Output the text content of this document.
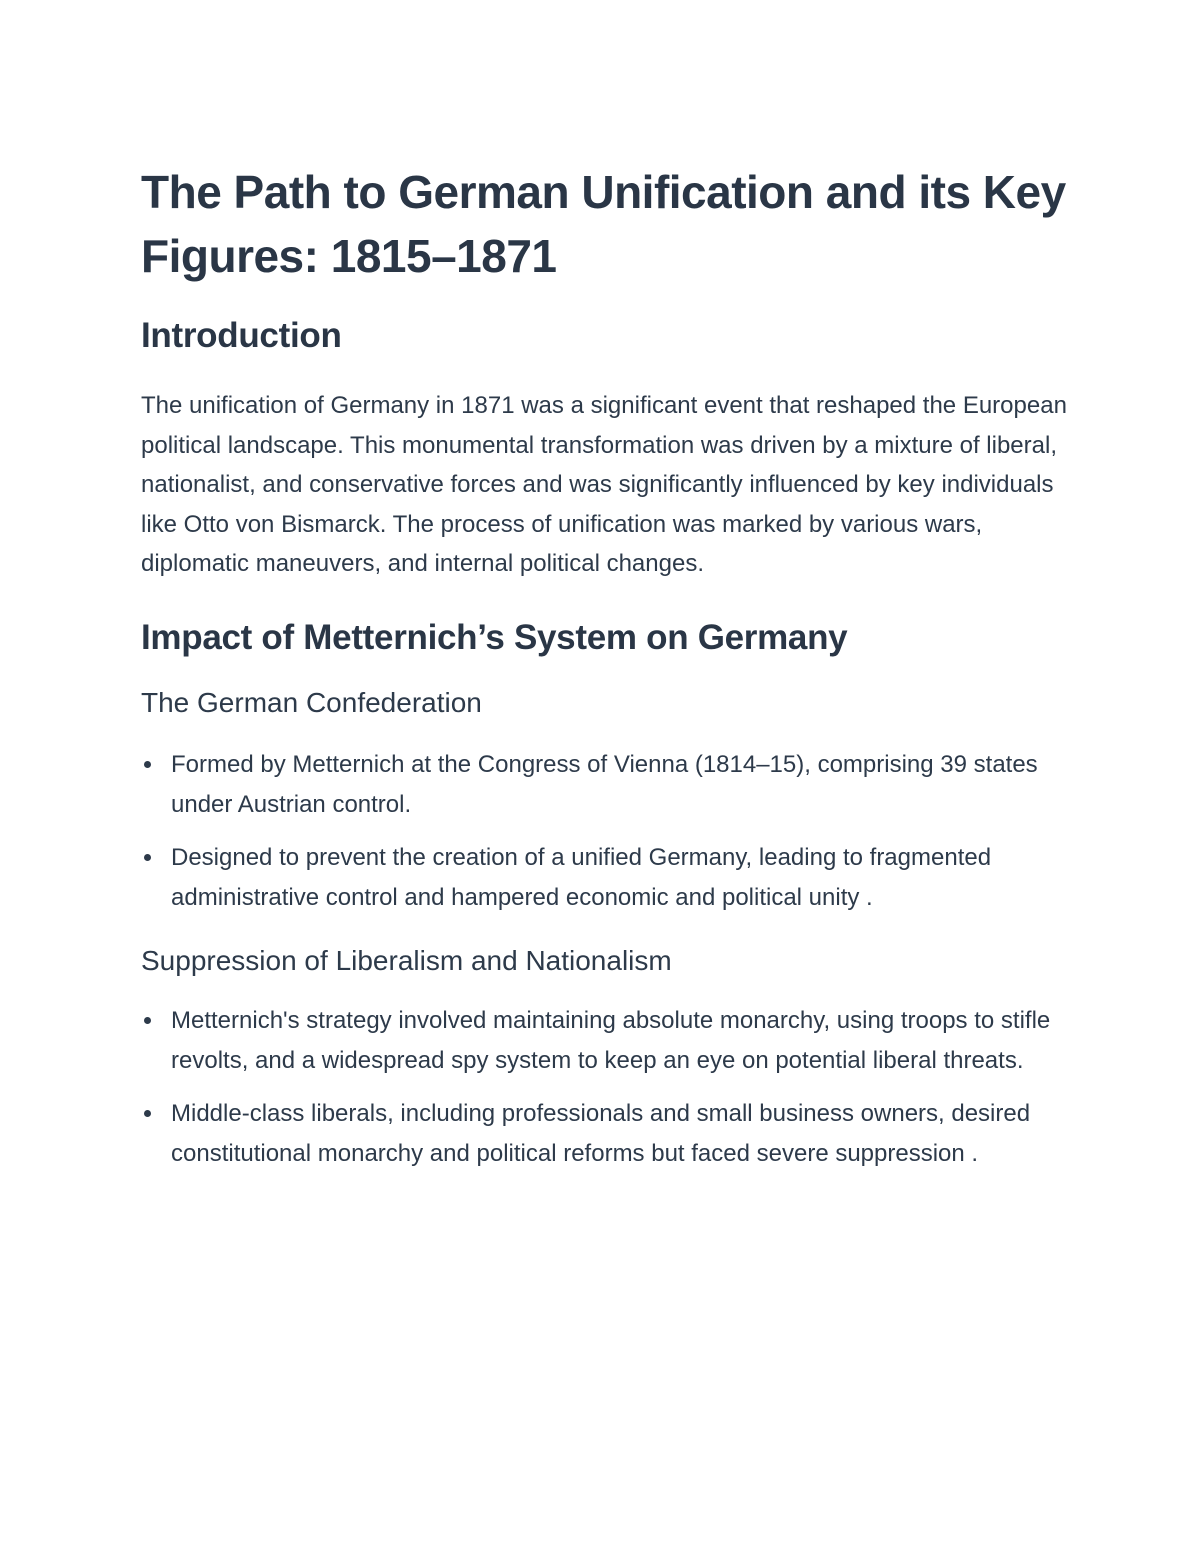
The Path to German Unification and its Key Figures: 1815–1871
Introduction

The unification of Germany in 1871 was a significant event that reshaped the European political landscape. This monumental transformation was driven by a mixture of liberal, nationalist, and conservative forces and was significantly influenced by key individuals like Otto von Bismarck. The process of unification was marked by various wars, diplomatic maneuvers, and internal political changes.

Impact of Metternich’s System on Germany
The German Confederation
Formed by Metternich at the Congress of Vienna (1814–15), comprising 39 states under Austrian control.
Designed to prevent the creation of a unified Germany, leading to fragmented administrative control and hampered economic and political unity .
Suppression of Liberalism and Nationalism
Metternich's strategy involved maintaining absolute monarchy, using troops to stifle revolts, and a widespread spy system to keep an eye on potential liberal threats.
Middle-class liberals, including professionals and small business owners, desired constitutional monarchy and political reforms but faced severe suppression .
